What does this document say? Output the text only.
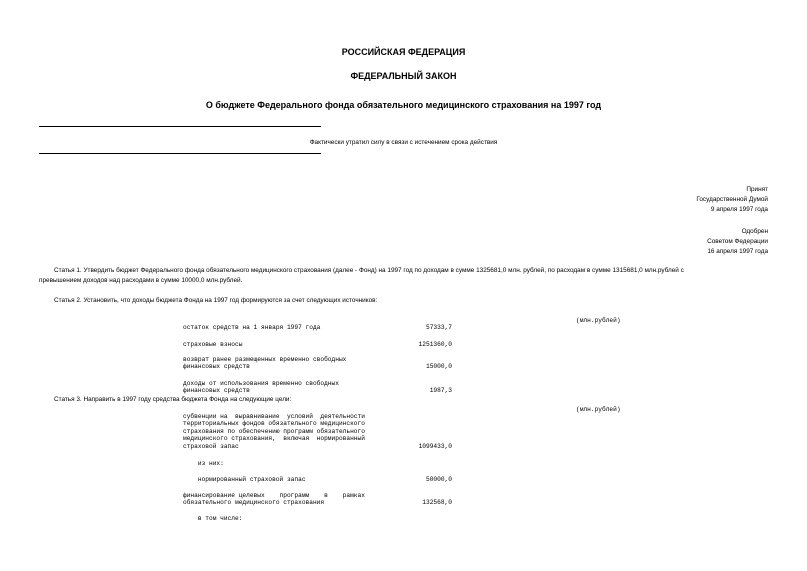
РОССИЙСКАЯ ФЕДЕРАЦИЯ
ФЕДЕРАЛЬНЫЙ ЗАКОН
О бюджете Федерального фонда обязательного медицинского страхования на 1997 год
Фактически утратил силу в связи с истечением срока действия
Принят
Государственной Думой
9 апреля 1997 года
Одобрен
Советом Федерации
16 апреля 1997 года
Статья 1. Утвердить бюджет Федерального фонда обязательного медицинского страхования (далее - Фонд) на 1997 год по доходам в сумме 1325681,0 млн. рублей, по расходам в сумме 1315681,0 млн.рублей с
превышением доходов над расходами в сумме 10000,0 млн.рублей.
Статья 2. Установить, что доходы бюджета Фонда на 1997 год формируются за счет следующих источников:
(млн.рублей)
остаток средств на 1 января 1997 года	57333,7
страховые взносы	1251360,0
возврат ранее размещенных временно свободных
финансовых средств	15000,0
доходы от использования временно свободных
финансовых средств	1987,3
Статья 3. Направить в 1997 году средства бюджета Фонда на следующие цели:
(млн.рублей)
субвенции на  выравнивание  условий  деятельности
территориальных фондов обязательного медицинского
страхования по обеспечению программ обязательного
медицинского страхования,  включая  нормированный
страховой запас	1099433,0
из них:
нормированный страховой запас	50000,0
финансирование целевых    программ    в    рамках
обязательного медицинского страхования	132568,0
в том числе:
